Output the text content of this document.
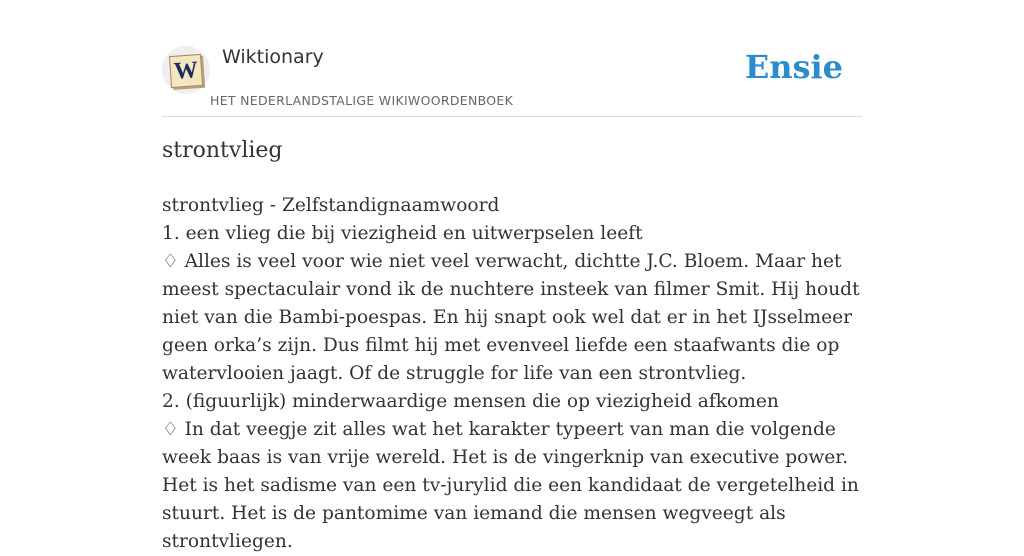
W
Wiktionary
HET NEDERLANDSTALIGE WIKIWOORDENBOEK
Ensie
strontvlieg

strontvlieg - Zelfstandignaamwoord

1. een vlieg die bij viezigheid en uitwerpselen leeft

♢ Alles is veel voor wie niet veel verwacht, dichtte J.C. Bloem. Maar het meest spectaculair vond ik de nuchtere insteek van filmer Smit. Hij houdt niet van die Bambi-poespas. En hij snapt ook wel dat er in het IJsselmeer geen orka’s zijn. Dus filmt hij met evenveel liefde een staafwants die op watervlooien jaagt. Of de struggle for life van een strontvlieg.

2. (figuurlijk) minderwaardige mensen die op viezigheid afkomen

♢ In dat veegje zit alles wat het karakter typeert van man die volgende week baas is van vrije wereld. Het is de vingerknip van executive power. Het is het sadisme van een tv-jurylid die een kandidaat de vergetelheid in stuurt. Het is de pantomime van iemand die mensen wegveegt als strontvliegen.
